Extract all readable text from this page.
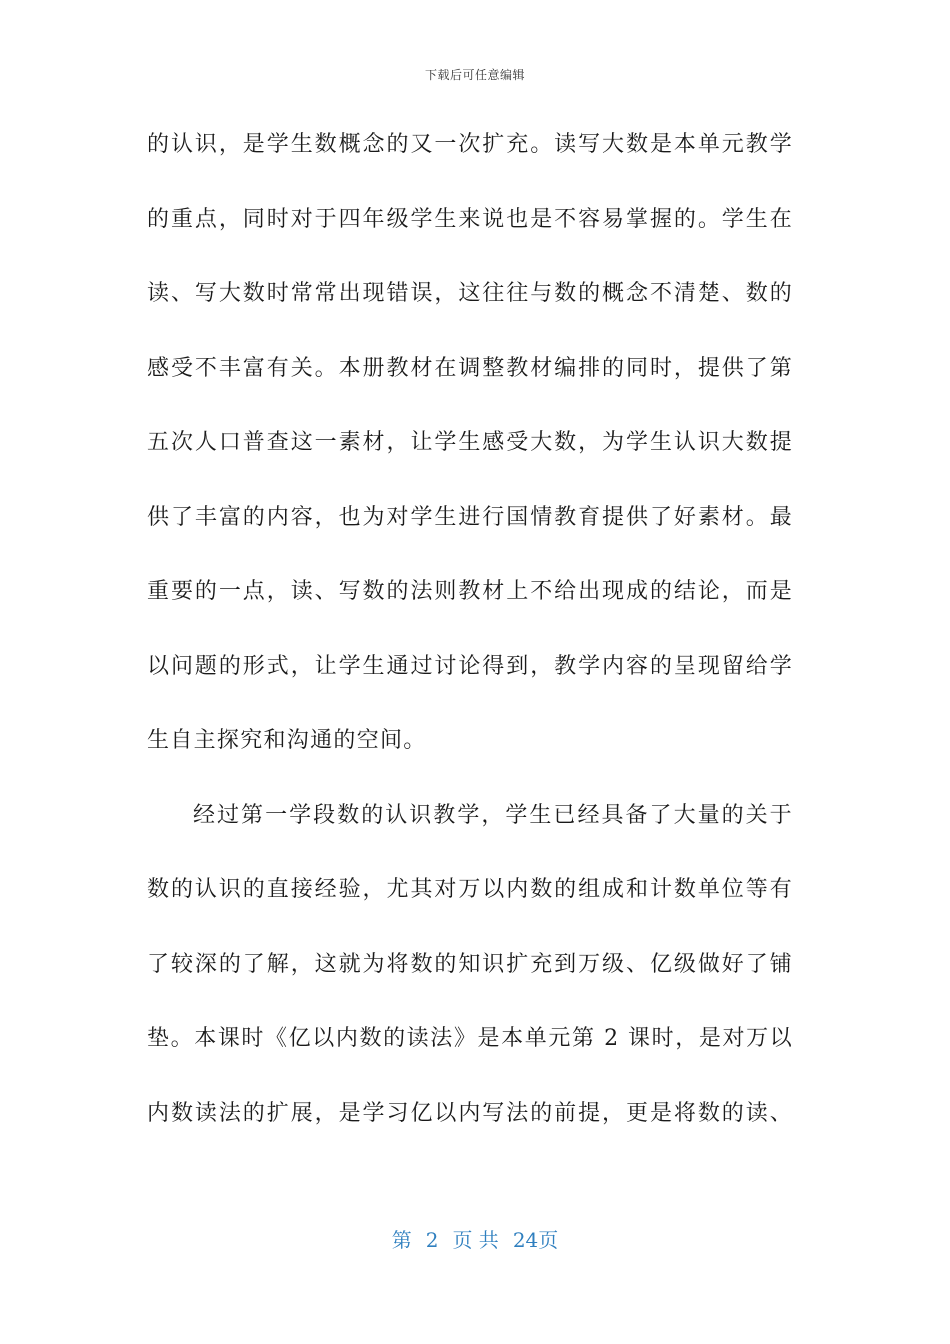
下载后可任意编辑
的认识，是学生数概念的又一次扩充。读写大数是本单元教学
的重点，同时对于四年级学生来说也是不容易掌握的。学生在
读、写大数时常常出现错误，这往往与数的概念不清楚、数的
感受不丰富有关。本册教材在调整教材编排的同时，提供了第
五次人口普查这一素材，让学生感受大数，为学生认识大数提
供了丰富的内容，也为对学生进行国情教育提供了好素材。最
重要的一点，读、写数的法则教材上不给出现成的结论，而是
以问题的形式，让学生通过讨论得到，教学内容的呈现留给学
生自主探究和沟通的空间。
经过第一学段数的认识教学，学生已经具备了大量的关于
数的认识的直接经验，尤其对万以内数的组成和计数单位等有
了较深的了解，这就为将数的知识扩充到万级、亿级做好了铺
垫。本课时《亿以内数的读法》是本单元第 2 课时，是对万以
内数读法的扩展，是学习亿以内写法的前提，更是将数的读、
第 2 页 共 24页
